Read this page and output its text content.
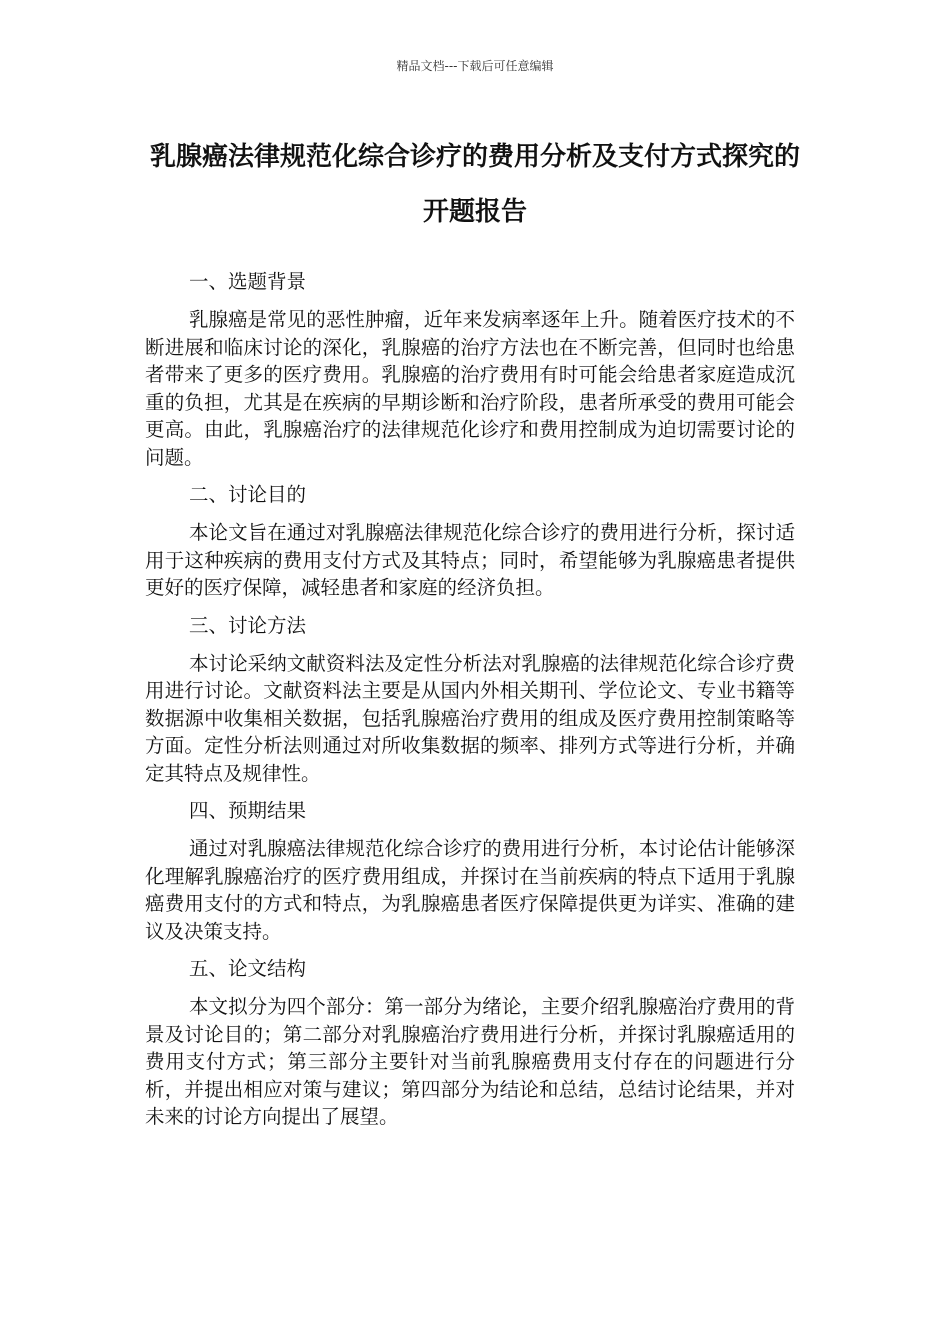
精品文档---下载后可任意编辑
乳腺癌法律规范化综合诊疗的费用分析及支付方式探究的开题报告

一、选题背景

乳腺癌是常见的恶性肿瘤，近年来发病率逐年上升。随着医疗技术的不断进展和临床讨论的深化，乳腺癌的治疗方法也在不断完善，但同时也给患者带来了更多的医疗费用。乳腺癌的治疗费用有时可能会给患者家庭造成沉重的负担，尤其是在疾病的早期诊断和治疗阶段，患者所承受的费用可能会更高。由此，乳腺癌治疗的法律规范化诊疗和费用控制成为迫切需要讨论的问题。

二、讨论目的

本论文旨在通过对乳腺癌法律规范化综合诊疗的费用进行分析，探讨适用于这种疾病的费用支付方式及其特点；同时，希望能够为乳腺癌患者提供更好的医疗保障，减轻患者和家庭的经济负担。

三、讨论方法

本讨论采纳文献资料法及定性分析法对乳腺癌的法律规范化综合诊疗费用进行讨论。文献资料法主要是从国内外相关期刊、学位论文、专业书籍等数据源中收集相关数据，包括乳腺癌治疗费用的组成及医疗费用控制策略等方面。定性分析法则通过对所收集数据的频率、排列方式等进行分析，并确定其特点及规律性。

四、预期结果

通过对乳腺癌法律规范化综合诊疗的费用进行分析，本讨论估计能够深化理解乳腺癌治疗的医疗费用组成，并探讨在当前疾病的特点下适用于乳腺癌费用支付的方式和特点，为乳腺癌患者医疗保障提供更为详实、准确的建议及决策支持。

五、论文结构

本文拟分为四个部分：第一部分为绪论，主要介绍乳腺癌治疗费用的背景及讨论目的；第二部分对乳腺癌治疗费用进行分析，并探讨乳腺癌适用的费用支付方式；第三部分主要针对当前乳腺癌费用支付存在的问题进行分析，并提出相应对策与建议；第四部分为结论和总结，总结讨论结果，并对未来的讨论方向提出了展望。
